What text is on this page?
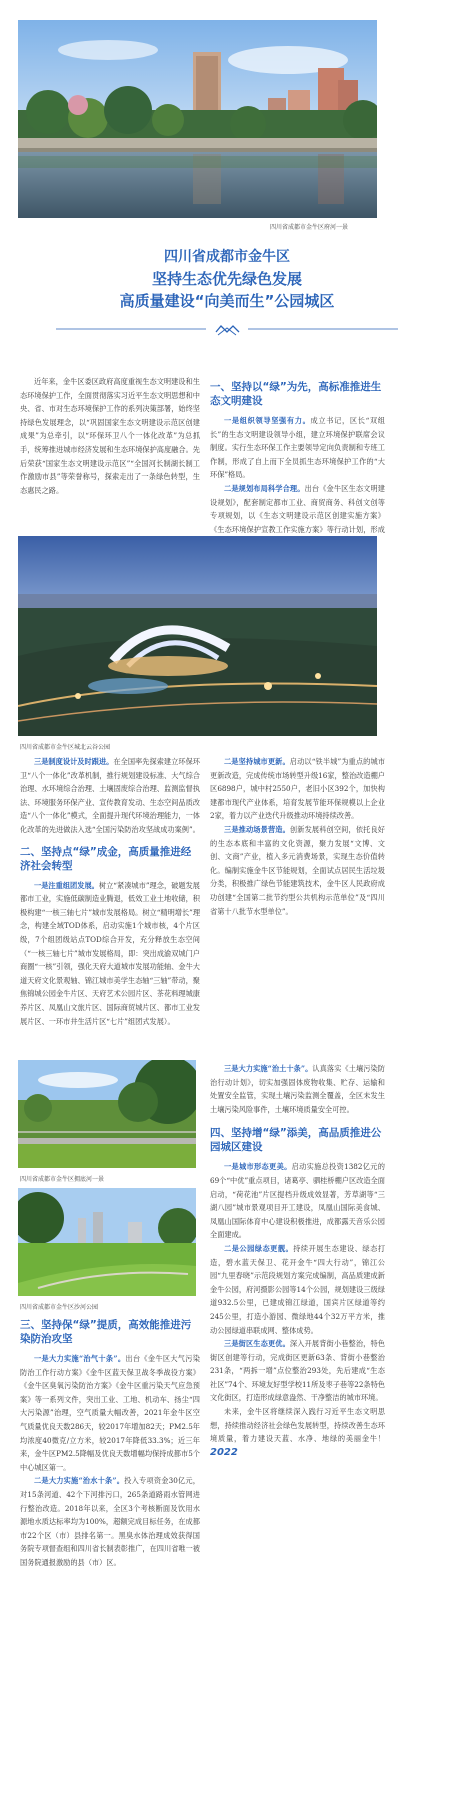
四川省成都市金牛区府河一景
四川省成都市金牛区
坚持生态优先绿色发展
高质量建设“向美而生”公园城区

近年来，金牛区委区政府高度重视生态文明建设和生态环境保护工作，全面贯彻落实习近平生态文明思想和中央、省、市对生态环境保护工作的系列决策部署，始终坚持绿色发展理念，以“巩固国家生态文明建设示范区创建成果”为总牵引，以“环保环卫八个一体化改革”为总抓手，统筹推进城市经济发展和生态环境保护高度融合。先后荣获“国家生态文明建设示范区”“全国河长制湖长制工作激励市县”等荣誉称号，探索走出了一条绿色转型，生态惠民之路。

一、坚持以“绿”为先，高标准推进生态文明建设

一是组织领导坚强有力。成立书记，区长“双组长”的生态文明建设领导小组，建立环境保护联席会议制度。实行生态环保工作主要领导定向负责制和专班工作制，形成了自上而下全员抓生态环境保护工作的“大环保”格局。

二是规划布局科学合理。出台《金牛区生态文明建设规划》，配套制定都市工业、商贸商务、科创文创等专项规划，以《生态文明建设示范区创建实施方案》《生态环境保护宣教工作实施方案》等行动计划，形成

四川省成都市金牛区城北云谷公园

三是制度设计及时跟进。在全国率先探索建立环保环卫“八个一体化”改革机制，推行规划建设标准、大气综合治理、水环境综合治理、土壤固废综合治理、监测监督执法、环境服务环保产业、宣传教育发动、生态空间品质改造“八个一体化”模式，全面提升现代环境治理能力，一体化改革的先进做法入选“全国污染防治攻坚战成功案例”。

二、坚持点“绿”成金，高质量推进经济社会转型

一是注重组团发展。树立“紧凑城市”理念，破题发展都市工业，实施低碳制造业腾退，低效工业土地收储，积极构建“一核三轴七片”城市发展格局。树立“精明增长”理念，构建全域TOD体系，启动实施1个城市核，4个片区级，7个组团级站点TOD综合开发，充分释放生态空间（“一核三轴七片”城市发展格局，即：突出成渝双城门户商圈“一核”引领，强化天府大道城市发展功能轴、金牛大道天府文化景观轴、锦江城市美学生态轴“三轴”带动，聚焦锦城公园金牛片区、天府艺术公园片区、茶花料理城康养片区、凤凰山文旅片区、国际商贸城片区、都市工业发展片区、一环市井生活片区“七片”组团式发展）。

二是坚持城市更新。启动以“铁半城”为重点的城市更新改造，完成传统市场转型升级16家，整治改造棚户区6898户，城中村2550户，老旧小区392个，加快构建都市现代产业体系，培育发展节能环保规模以上企业2家，着力以产业迭代升级推动环境持续改善。

三是推动场景营造。创新发展科创空间，依托良好的生态本底和丰富的文化资源，聚力发展“文博、文创、文商”产业，植入多元消费场景，实现生态价值转化。编制实施金牛区节能规划，全面试点居民生活垃圾分类，积极推广绿色节能建筑技术，金牛区人民政府成功创建“全国第二批节约型公共机构示范单位”及“四川省第十八批节水型单位”。

四川省成都市金牛区拥底河一景
四川省成都市金牛区沙河公园

三、坚持保“绿”提质，高效能推进污染防治攻坚

一是大力实施“治气十条”。出台《金牛区大气污染防治工作行动方案》《金牛区蓝天保卫战冬季战役方案》《金牛区臭氧污染防治方案》《金牛区重污染天气应急预案》等一系列文件，突出工业、工地、机动车、扬尘“四大污染源”治理，空气质量大幅改善，2021年金牛区空气质量优良天数286天，较2017年增加82天；PM2.5年均浓度40微克/立方米，较2017年降低33.3%；近三年来，金牛区PM2.5降幅及优良天数增幅均保持成都市5个中心城区第一。

二是大力实施“治水十条”。投入专项资金30亿元，对15条河道、42个下河排污口，265条道路雨水管网进行整治改造。2018年以来，全区3个考核断面及饮用水源地水质达标率均为100%，超额完成目标任务，在成都市22个区（市）县排名第一。黑臭水体治理成效获得国务院专项督查组和四川省长制表彰推广，在四川省唯一被国务院通报激励的县（市）区。

三是大力实施“治土十条”。认真落实《土壤污染防治行动计划》，切实加强固体废物收集、贮存、运输和处置安全监管，实现土壤污染监测全覆盖，全区未发生土壤污染风险事件，土壤环境质量安全可控。

四、坚持增“绿”添美，高品质推进公园城区建设

一是城市形态更美。启动实施总投资1382亿元的69个“中优”重点项目，诸葛亭、驷桂桥棚户区改造全面启动，“荷花池”片区提档升级成效显著，芳草湖等“三湖八园”城市景观项目开工建设，凤凰山国际美食城、凤凰山国际体育中心建设积极推进，成都露天音乐公园全面建成。

二是公园绿态更靓。持续开展生态建设、绿态打造，碧水蓝天保卫、花开金牛“四大行动”，锦江公园“九里春晓”示范段规划方案完成编制，高品质建成新金牛公园，府河摄影公园等14个公园，规划建设三级绿道932.5公里，已建成锦江绿道，国宾片区绿道等约245公里，打造小游园、微绿地44个32万平方米，推动公园绿道串联成网、整体成势。

三是街区生态更优。深入开展背街小巷整治，特色街区创建等行动，完成街区更新63条、背街小巷整治231条，“两拆一增”点位整治293处，先后建成“生态社区”74个、环境友好型学校11所及枣子巷等22条特色文化街区，打造形成绿意盎然、干净整洁的城市环境。

未来，金牛区将继续深入践行习近平生态文明思想，持续推动经济社会绿色发展转型，持续改善生态环境质量，着力建设天蓝、水净、地绿的美丽金牛！ 2022
